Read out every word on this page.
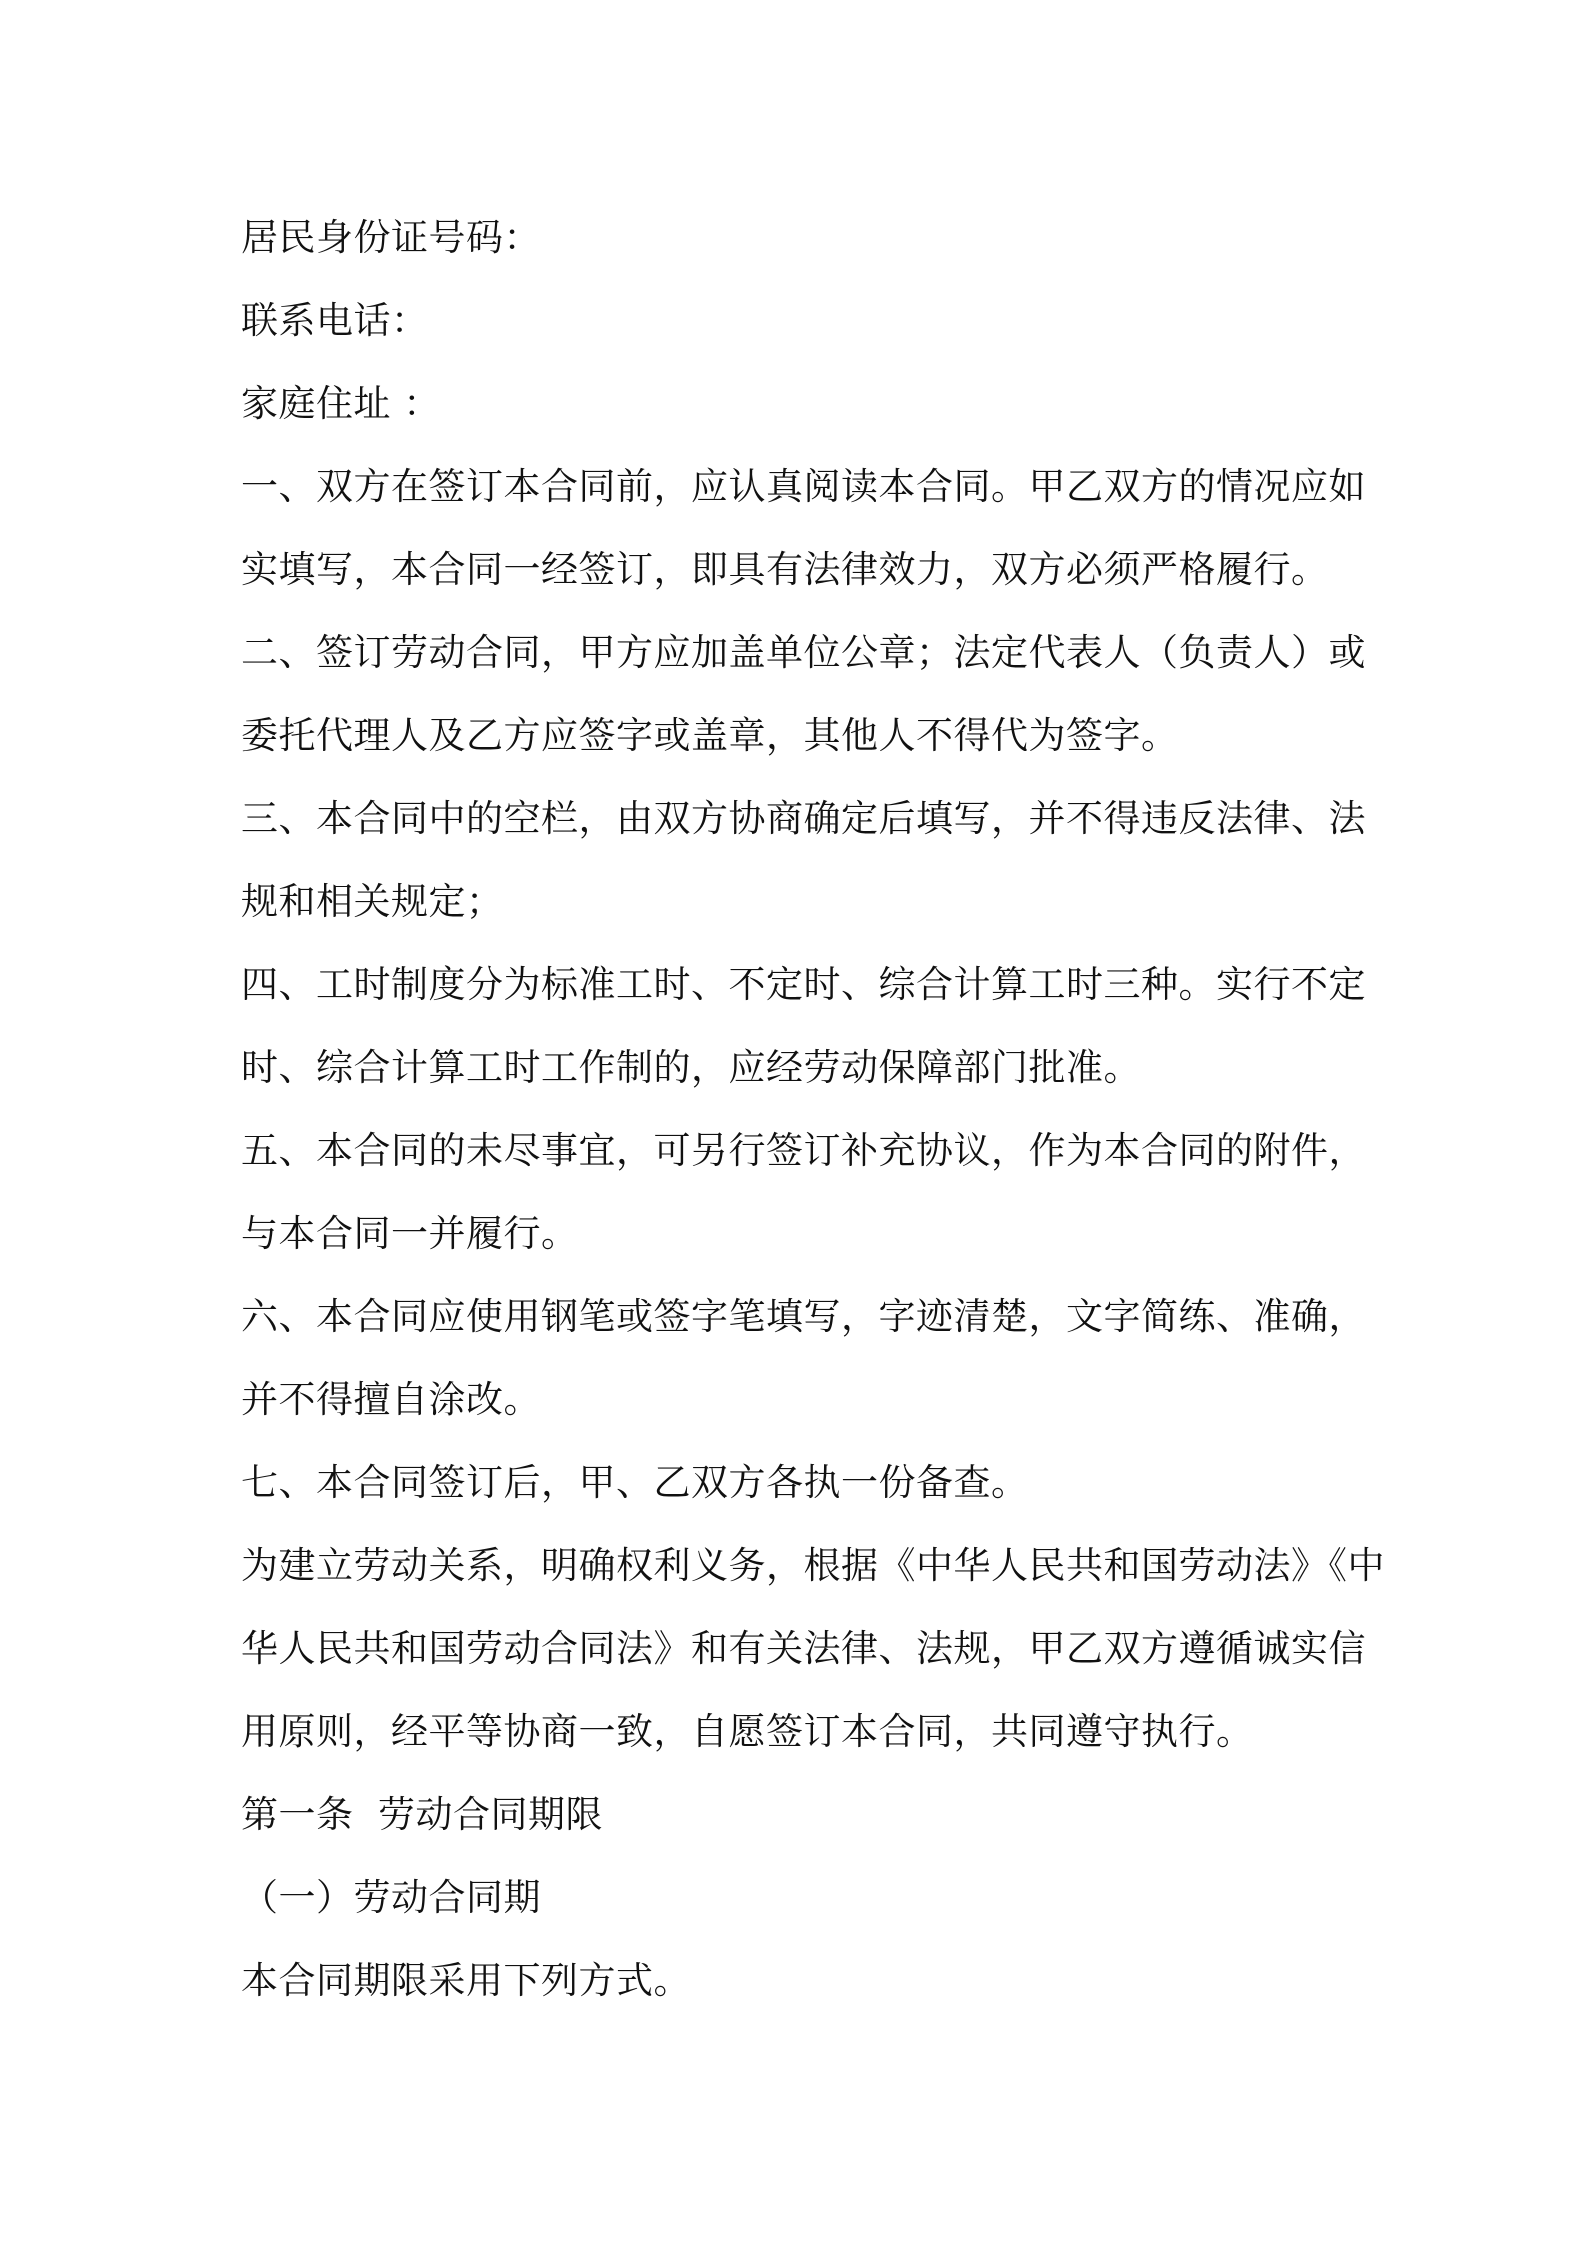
居民身份证号码：
联系电话：
家庭住址 ：
一、双方在签订本合同前，应认真阅读本合同。甲乙双方的情况应如
实填写，本合同一经签订，即具有法律效力，双方必须严格履行。
二、签订劳动合同，甲方应加盖单位公章；法定代表人（负责人）或
委托代理人及乙方应签字或盖章，其他人不得代为签字。
三、本合同中的空栏，由双方协商确定后填写，并不得违反法律、法
规和相关规定；
四、工时制度分为标准工时、不定时、综合计算工时三种。实行不定
时、综合计算工时工作制的，应经劳动保障部门批准。
五、本合同的未尽事宜，可另行签订补充协议，作为本合同的附件，
与本合同一并履行。
六、本合同应使用钢笔或签字笔填写，字迹清楚，文字简练、准确，
并不得擅自涂改。
七、本合同签订后，甲、乙双方各执一份备查。
为建立劳动关系，明确权利义务，根据《中华人民共和国劳动法》《中
华人民共和国劳动合同法》和有关法律、法规，甲乙双方遵循诚实信
用原则，经平等协商一致，自愿签订本合同，共同遵守执行。
第一条  劳动合同期限
（一）劳动合同期
本合同期限采用下列方式。
